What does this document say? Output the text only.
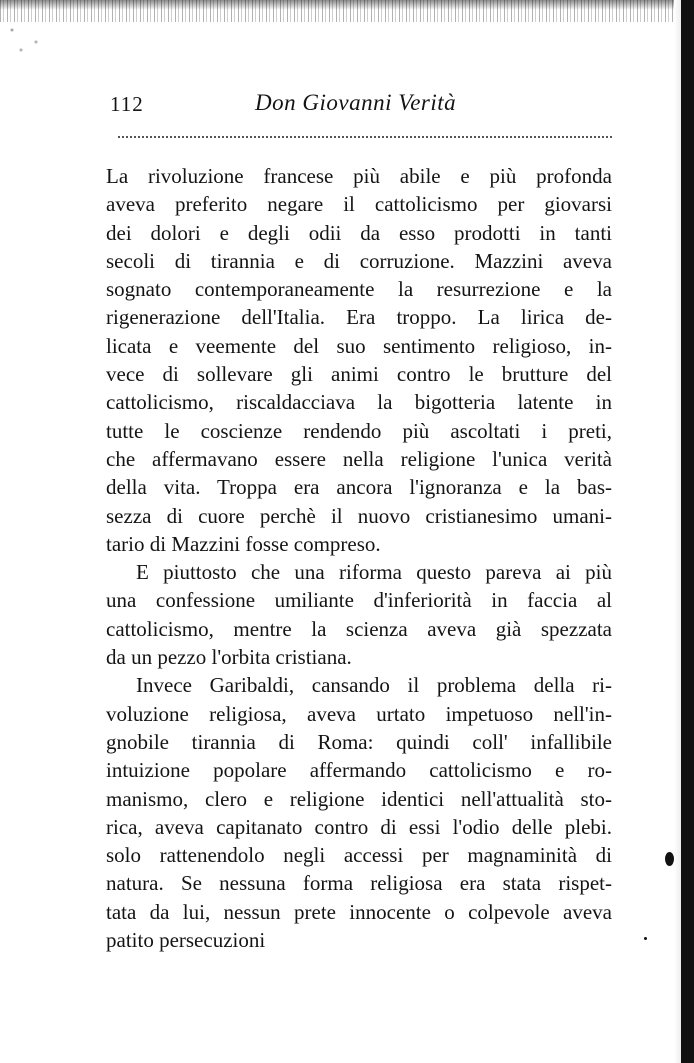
112	Don Giovanni Verità
La rivoluzione francese più abile e più profonda
aveva preferito negare il cattolicismo per giovarsi
dei dolori e degli odii da esso prodotti in tanti
secoli di tirannia e di corruzione. Mazzini aveva
sognato contemporaneamente la resurrezione e la
rigenerazione dell'Italia. Era troppo. La lirica de-
licata e veemente del suo sentimento religioso, in-
vece di sollevare gli animi contro le brutture del
cattolicismo, riscaldacciava la bigotteria latente in
tutte le coscienze rendendo più ascoltati i preti,
che affermavano essere nella religione l'unica verità
della vita. Troppa era ancora l'ignoranza e la bas-
sezza di cuore perchè il nuovo cristianesimo umani-
tario di Mazzini fosse compreso.
E piuttosto che una riforma questo pareva ai più
una confessione umiliante d'inferiorità in faccia al
cattolicismo, mentre la scienza aveva già spezzata
da un pezzo l'orbita cristiana.
Invece Garibaldi, cansando il problema della ri-
voluzione religiosa, aveva urtato impetuoso nell'in-
gnobile tirannia di Roma: quindi coll' infallibile
intuizione popolare affermando cattolicismo e ro-
manismo, clero e religione identici nell'attualità sto-
rica, aveva capitanato contro di essi l'odio delle plebi.
solo rattenendolo negli accessi per magnaminità di
natura. Se nessuna forma religiosa era stata rispet-
tata da lui, nessun prete innocente o colpevole aveva
patito persecuzioni
